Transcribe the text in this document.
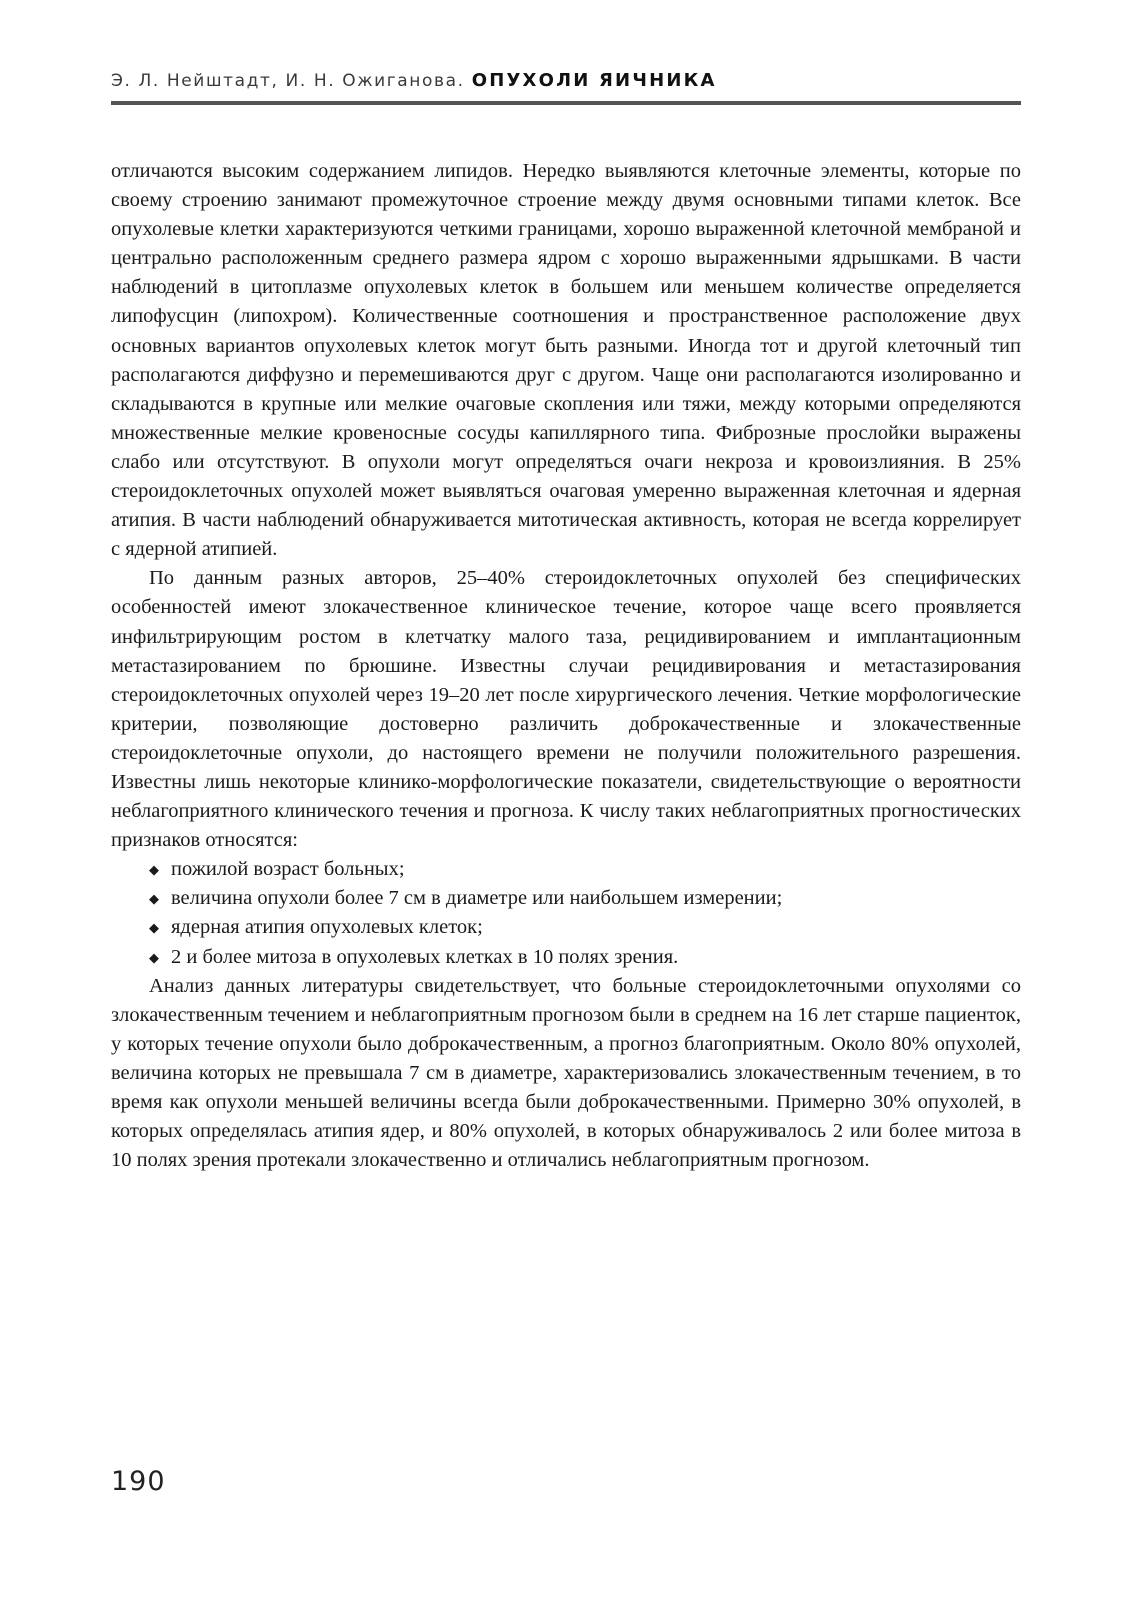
Э. Л. Нейштадт, И. Н. Ожиганова. ОПУХОЛИ ЯИЧНИКА

отличаются высоким содержанием липидов. Нередко выявляются клеточные элементы, которые по своему строению занимают промежуточное строение между двумя основными типами клеток. Все опухолевые клетки характеризуются четкими границами, хорошо выраженной клеточной мембраной и центрально расположенным среднего размера ядром с хорошо выраженными ядрышками. В части наблюдений в цитоплазме опухолевых клеток в большем или меньшем количестве определяется липофусцин (липохром). Количественные соотношения и пространственное расположение двух основных вариантов опухолевых клеток могут быть разными. Иногда тот и другой клеточный тип располагаются диффузно и перемешиваются друг с другом. Чаще они располагаются изолированно и складываются в крупные или мелкие очаговые скопления или тяжи, между которыми определяются множественные мелкие кровеносные сосуды капиллярного типа. Фиброзные прослойки выражены слабо или отсутствуют. В опухоли могут определяться очаги некроза и кровоизлияния. В 25% стероидоклеточных опухолей может выявляться очаговая умеренно выраженная клеточная и ядерная атипия. В части наблюдений обнаруживается митотическая активность, которая не всегда коррелирует с ядерной атипией.

По данным разных авторов, 25–40% стероидоклеточных опухолей без специфических особенностей имеют злокачественное клиническое течение, которое чаще всего проявляется инфильтрирующим ростом в клетчатку малого таза, рецидивированием и имплантационным метастазированием по брюшине. Известны случаи рецидивирования и метастазирования стероидоклеточных опухолей через 19–20 лет после хирургического лечения. Четкие морфологические критерии, позволяющие достоверно различить доброкачественные и злокачественные стероидоклеточные опухоли, до настоящего времени не получили положительного разрешения. Известны лишь некоторые клинико-морфологические показатели, свидетельствующие о вероятности неблагоприятного клинического течения и прогноза. К числу таких неблагоприятных прогностических признаков относятся:

◆ пожилой возраст больных;
◆ величина опухоли более 7 см в диаметре или наибольшем измерении;
◆ ядерная атипия опухолевых клеток;
◆ 2 и более митоза в опухолевых клетках в 10 полях зрения.

Анализ данных литературы свидетельствует, что больные стероидоклеточными опухолями со злокачественным течением и неблагоприятным прогнозом были в среднем на 16 лет старше пациенток, у которых течение опухоли было доброкачественным, а прогноз благоприятным. Около 80% опухолей, величина которых не превышала 7 см в диаметре, характеризовались злокачественным течением, в то время как опухоли меньшей величины всегда были доброкачественными. Примерно 30% опухолей, в которых определялась атипия ядер, и 80% опухолей, в которых обнаруживалось 2 или более митоза в 10 полях зрения протекали злокачественно и отличались неблагоприятным прогнозом.

190
